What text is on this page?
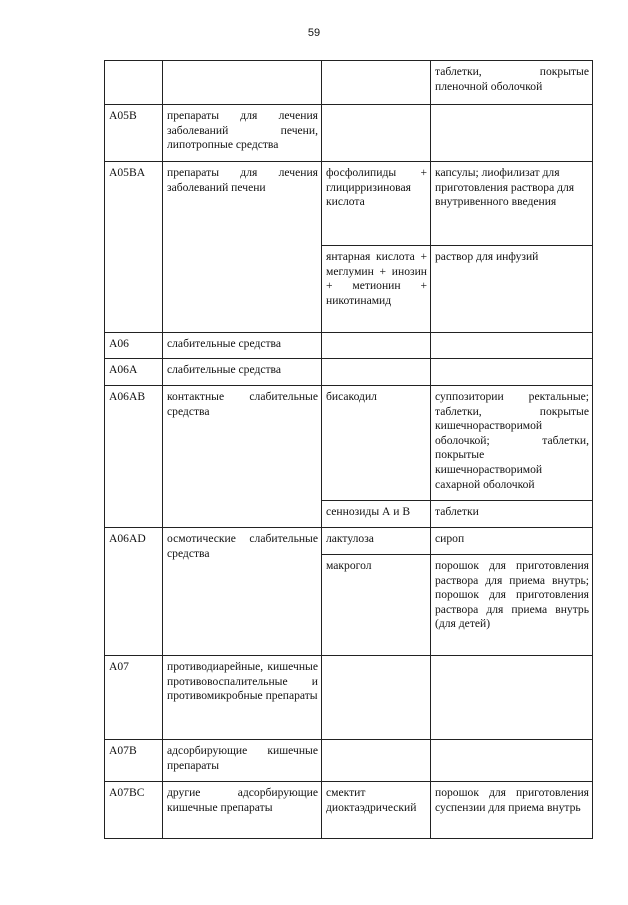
59
			таблетки, покрытые пленочной оболочкой
A05B	препараты для лечения заболеваний печени, липотропные средства		
A05BA	препараты для лечения заболеваний печени	фосфолипиды + глицирризиновая кислота	капсулы; лиофилизат для приготовления раствора для внутривенного введения
		янтарная кислота + меглумин + инозин + метионин + никотинамид	раствор для инфузий
A06	слабительные средства		
A06A	слабительные средства		
A06AB	контактные слабительные средства	бисакодил	суппозитории ректальные; таблетки, покрытые кишечнорастворимой оболочкой; таблетки, покрытые кишечнорастворимой сахарной оболочкой
		сеннозиды А и В	таблетки
A06AD	осмотические слабительные средства	лактулоза	сироп
		макрогол	порошок для приготовления раствора для приема внутрь; порошок для приготовления раствора для приема внутрь (для детей)
A07	противодиарейные, кишечные противовоспалительные и противомикробные препараты		
A07B	адсорбирующие кишечные препараты		
A07BC	другие адсорбирующие кишечные препараты	смектит диоктаэдрический	порошок для приготовления суспензии для приема внутрь
